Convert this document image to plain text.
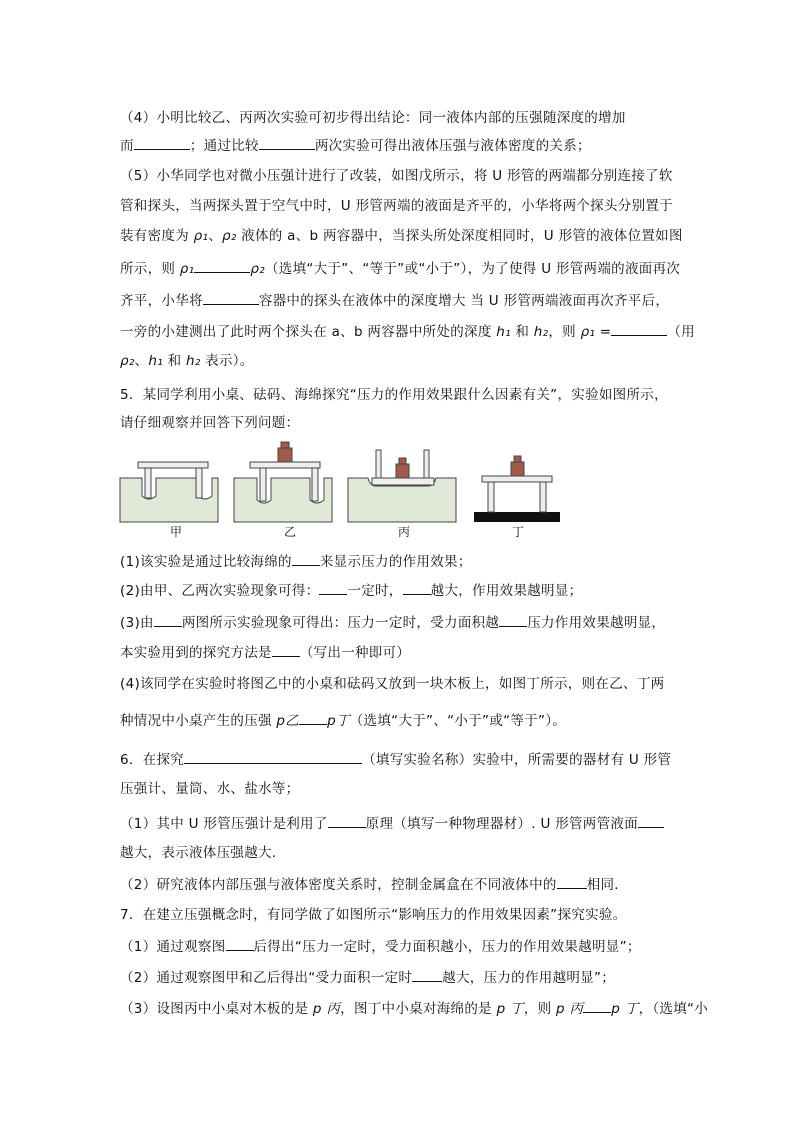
（4）小明比较乙、丙两次实验可初步得出结论：同一液体内部的压强随深度的增加
而	；通过比较	两次实验可得出液体压强与液体密度的关系；
（5）小华同学也对微小压强计进行了改装，如图戊所示，将 U 形管的两端都分别连接了软
管和探头，当两探头置于空气中时，U 形管两端的液面是齐平的，小华将两个探头分别置于
装有密度为 ρ₁、ρ₂ 液体的 a、b 两容器中，当探头所处深度相同时，U 形管的液体位置如图
所示，则 ρ₁	ρ₂（选填“大于”、“等于”或“小于”），为了使得 U 形管两端的液面再次
齐平，小华将	容器中的探头在液体中的深度增大 当 U 形管两端液面再次齐平后，
一旁的小建测出了此时两个探头在 a、b 两容器中所处的深度 h₁ 和 h₂，则 ρ₁ =	（用
ρ₂、h₁ 和 h₂ 表示）。
5．某同学利用小桌、砝码、海绵探究“压力的作用效果跟什么因素有关”，实验如图所示，
请仔细观察并回答下列问题：
甲	乙	丙	丁
(1)该实验是通过比较海绵的 来显示压力的作用效果；
(2)由甲、乙两次实验现象可得： 一定时， 越大，作用效果越明显；
(3)由 两图所示实验现象可得出：压力一定时，受力面积越 压力作用效果越明显，
本实验用到的探究方法是 （写出一种即可）
(4)该同学在实验时将图乙中的小桌和砝码又放到一块木板上，如图丁所示，则在乙、丁两
种情况中小桌产生的压强 p乙 p丁（选填“大于”、“小于”或“等于”）。
6．在探究	（填写实验名称）实验中，所需要的器材有 U 形管
压强计、量筒、水、盐水等；
（1）其中 U 形管压强计是利用了	原理（填写一种物理器材）. U 形管两管液面
越大，表示液体压强越大．
（2）研究液体内部压强与液体密度关系时，控制金属盒在不同液体中的 相同．
7．在建立压强概念时，有同学做了如图所示“影响压力的作用效果因素”探究实验。
（1）通过观察图 后得出“压力一定时，受力面积越小，压力的作用效果越明显”；
（2）通过观察图甲和乙后得出“受力面积一定时 越大，压力的作用越明显”；
（3）设图丙中小桌对木板的是 p 丙，图丁中小桌对海绵的是 p 丁，则 p 丙 p 丁，（选填“小
